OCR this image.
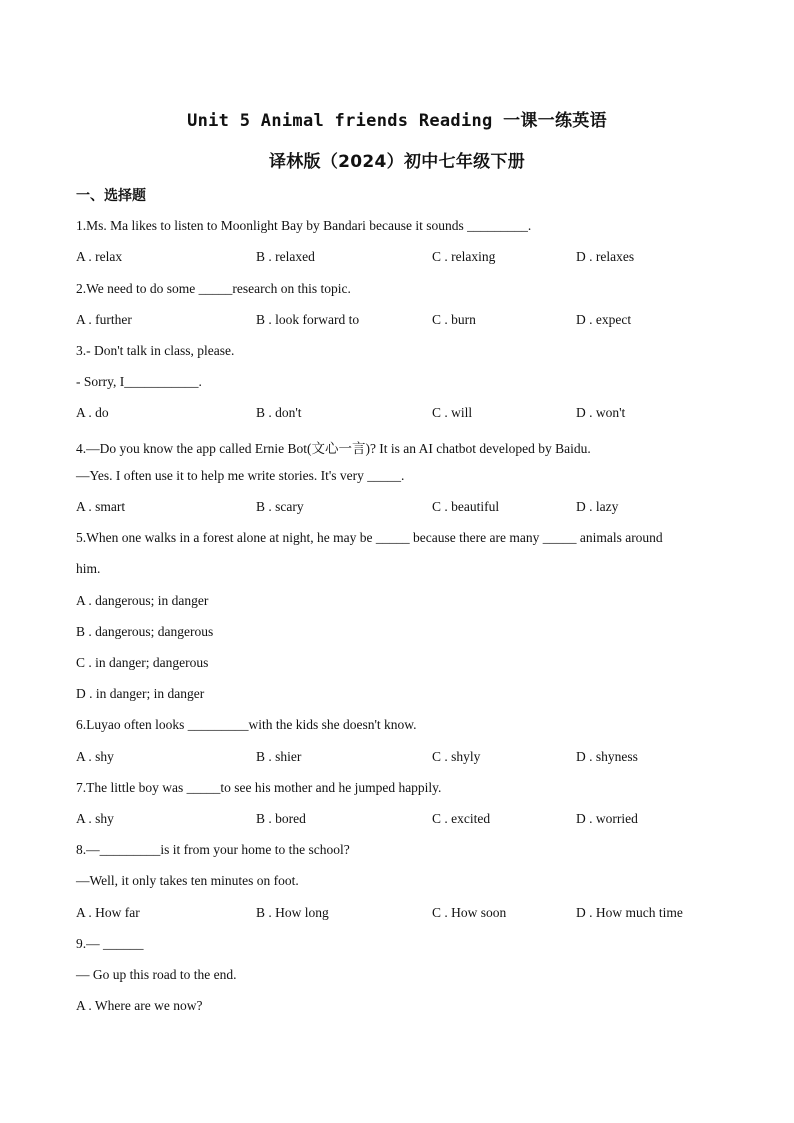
Unit 5 Animal friends Reading 一课一练英语
译林版（2024）初中七年级下册
一、选择题
1.Ms. Ma likes to listen to Moonlight Bay by Bandari because it sounds _________.
A . relax	B . relaxed	C . relaxing	D . relaxes
2.We need to do some _____research on this topic.
A . further	B . look forward to	C . burn	D . expect
3.- Don't talk in class, please.
- Sorry, I___________.
A . do	B . don't	C . will	D . won't
4.—Do you know the app called Ernie Bot(文心一言)? It is an AI chatbot developed by Baidu.
—Yes. I often use it to help me write stories. It's very _____.
A . smart	B . scary	C . beautiful	D . lazy
5.When one walks in a forest alone at night, he may be _____ because there are many _____ animals around
him.
A . dangerous; in danger
B . dangerous; dangerous
C . in danger; dangerous
D . in danger; in danger
6.Luyao often looks _________with the kids she doesn't know.
A . shy	B . shier	C . shyly	D . shyness
7.The little boy was _____to see his mother and he jumped happily.
A . shy	B . bored	C . excited	D . worried
8.—_________is it from your home to the school?
—Well, it only takes ten minutes on foot.
A . How far	B . How long	C . How soon	D . How much time
9.— ______
— Go up this road to the end.
A . Where are we now?
